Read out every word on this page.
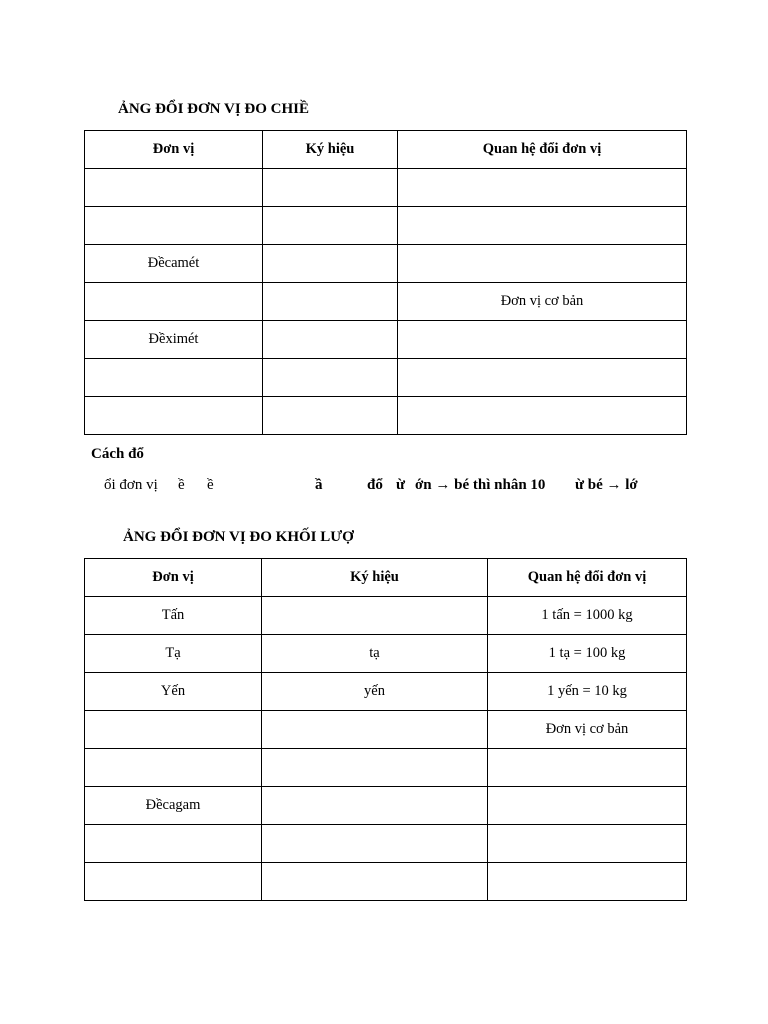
ẢNG ĐỔI ĐƠN VỊ ĐO CHIỀ
Đơn vị	Ký hiệu	Quan hệ đổi đơn vị

Đềcamét		
		Đơn vị cơ bản
Đềximét		

Cách đổ
ổi đơn vị ề ề	ầ	đổ ừ ớn → bé thì nhân 10 ừ bé → lớ
ẢNG ĐỔI ĐƠN VỊ ĐO KHỐI LƯỢ
Đơn vị	Ký hiệu	Quan hệ đổi đơn vị
Tấn		1 tấn = 1000 kg
Tạ	tạ	1 tạ = 100 kg
Yến	yến	1 yến = 10 kg
		Đơn vị cơ bản

Đềcagam		
